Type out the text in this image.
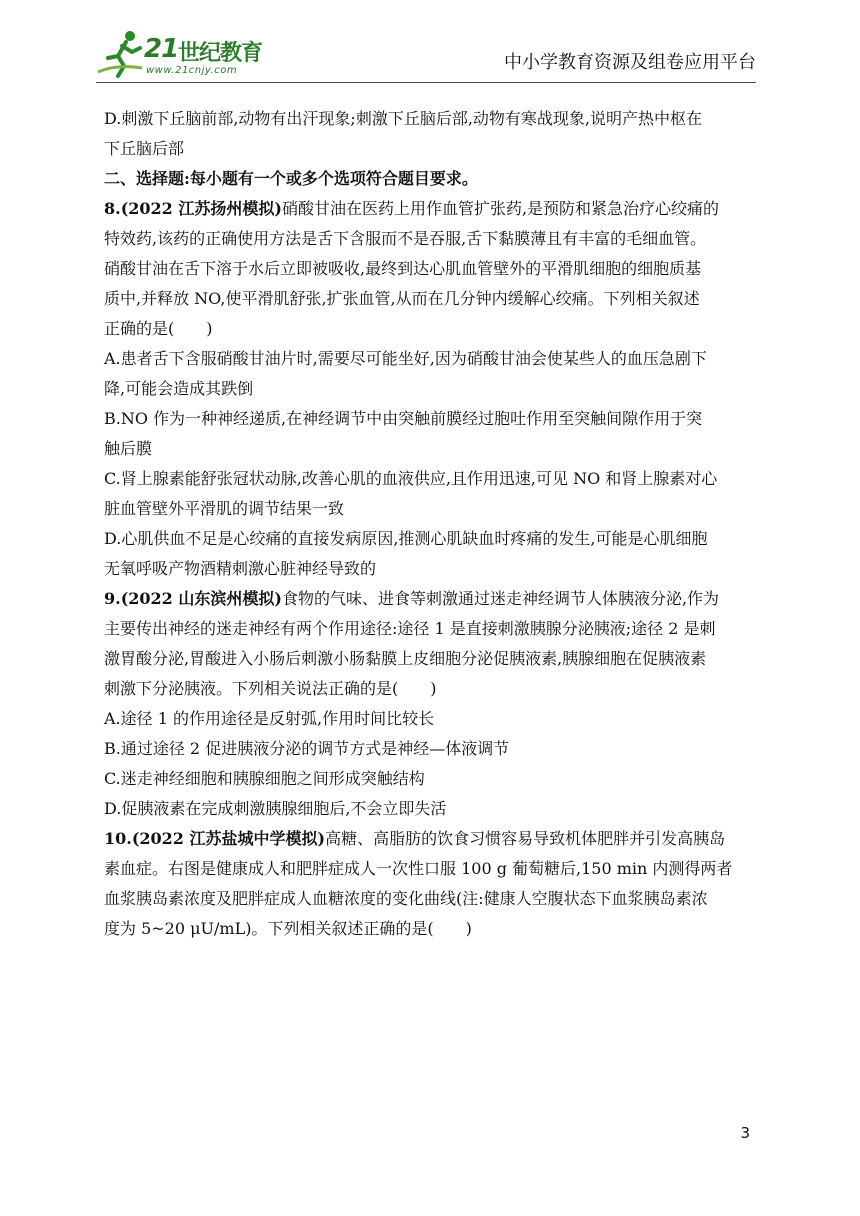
21 世纪教育
www.21cnjy.com	中小学教育资源及组卷应用平台
D.刺激下丘脑前部,动物有出汗现象;刺激下丘脑后部,动物有寒战现象,说明产热中枢在
下丘脑后部
二、选择题:每小题有一个或多个选项符合题目要求。
8.(2022 江苏扬州模拟)硝酸甘油在医药上用作血管扩张药,是预防和紧急治疗心绞痛的
特效药,该药的正确使用方法是舌下含服而不是吞服,舌下黏膜薄且有丰富的毛细血管。
硝酸甘油在舌下溶于水后立即被吸收,最终到达心肌血管壁外的平滑肌细胞的细胞质基
质中,并释放 NO,使平滑肌舒张,扩张血管,从而在几分钟内缓解心绞痛。下列相关叙述
正确的是(　　)
A.患者舌下含服硝酸甘油片时,需要尽可能坐好,因为硝酸甘油会使某些人的血压急剧下
降,可能会造成其跌倒
B.NO 作为一种神经递质,在神经调节中由突触前膜经过胞吐作用至突触间隙作用于突
触后膜
C.肾上腺素能舒张冠状动脉,改善心肌的血液供应,且作用迅速,可见 NO 和肾上腺素对心
脏血管壁外平滑肌的调节结果一致
D.心肌供血不足是心绞痛的直接发病原因,推测心肌缺血时疼痛的发生,可能是心肌细胞
无氧呼吸产物酒精刺激心脏神经导致的
9.(2022 山东滨州模拟)食物的气味、进食等刺激通过迷走神经调节人体胰液分泌,作为
主要传出神经的迷走神经有两个作用途径:途径 1 是直接刺激胰腺分泌胰液;途径 2 是刺
激胃酸分泌,胃酸进入小肠后刺激小肠黏膜上皮细胞分泌促胰液素,胰腺细胞在促胰液素
刺激下分泌胰液。下列相关说法正确的是(　　)
A.途径 1 的作用途径是反射弧,作用时间比较长
B.通过途径 2 促进胰液分泌的调节方式是神经—体液调节
C.迷走神经细胞和胰腺细胞之间形成突触结构
D.促胰液素在完成刺激胰腺细胞后,不会立即失活
10.(2022 江苏盐城中学模拟)高糖、高脂肪的饮食习惯容易导致机体肥胖并引发高胰岛
素血症。右图是健康成人和肥胖症成人一次性口服 100 g 葡萄糖后,150 min 内测得两者
血浆胰岛素浓度及肥胖症成人血糖浓度的变化曲线(注:健康人空腹状态下血浆胰岛素浓
度为 5~20 μU/mL)。下列相关叙述正确的是(　　)
3
